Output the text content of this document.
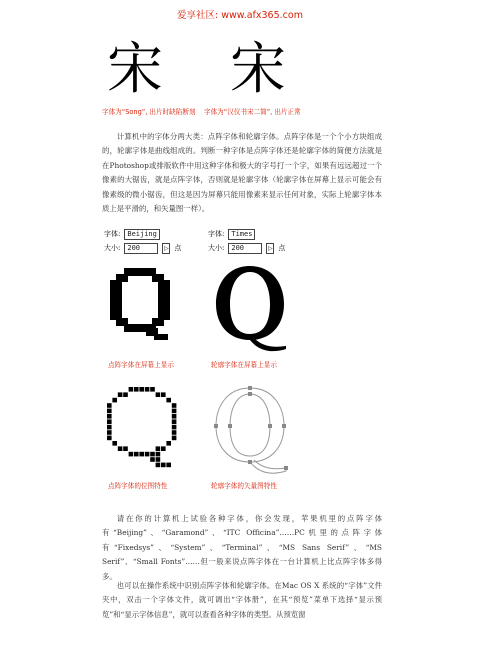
爱享社区: www.afx365.com
宋 宋
字体为“Song”, 出片时缺陷断刻 字体为“汉仪书宋二简”, 出片正常

计算机中的字体分两大类：点阵字体和轮廓字体。点阵字体是一个个小方块组成的，轮廓字体是曲线组成的。判断一种字体是点阵字体还是轮廓字体的简便方法就是在Photoshop或排版软件中用这种字体和极大的字号打一个字，如果有远远超过一个像素的大锯齿，就是点阵字体，否则就是轮廓字体（轮廓字体在屏幕上显示可能会有像素级的微小锯齿，但这是因为屏幕只能用像素来显示任何对象，实际上轮廓字体本质上是平滑的，和矢量图一样）。

字体:	Beijing
大小:	200	▷ 点
字体:	Times
大小:	200	▷ 点
点阵字体在屏幕上显示	轮廓字体在屏幕上显示
点阵字体的位图特性	轮廓字体的矢量图特性

请在你的计算机上试验各种字体，你会发现，苹果机里的点阵字体有“Beijing”、“Garamond”、“ITC Officina”……PC机里的点阵字体有“Fixedsys”、“System”、“Terminal”、“MS Sans Serif”、“MS Serif”、“Small Fonts”……但一般来说点阵字体在一台计算机上比点阵字体多得多。

也可以在操作系统中识别点阵字体和轮廓字体。在Mac OS X 系统的“字体”文件夹中，双击一个字体文件，就可调出“字体册”，在其“预览”菜单下选择“显示预览”和“显示字体信息”，就可以查看各种字体的类型。从预览窗
